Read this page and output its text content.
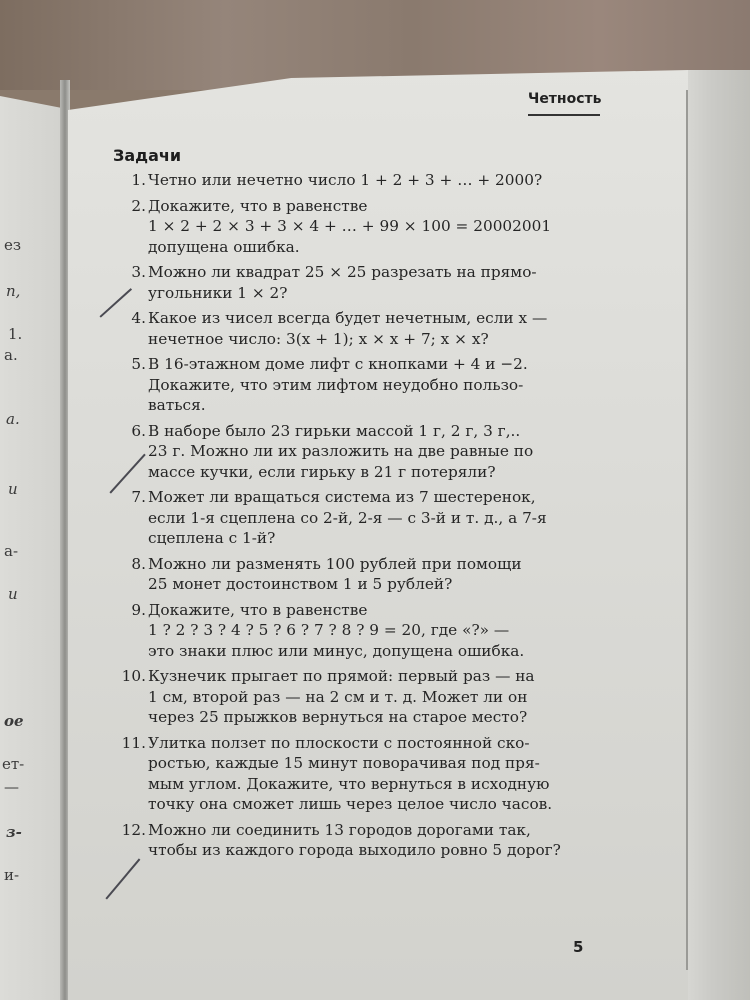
ез
n,
1.
а.
a.
и
а-
и
ое
ет-
—
з-
и-
Четность
Задачи
1. Четно или нечетно число 1 + 2 + 3 + … + 2000?
2. Докажите, что в равенстве
1 × 2 + 2 × 3 + 3 × 4 + … + 99 × 100 = 20002001
допущена ошибка.
3. Можно ли квадрат 25 × 25 разрезать на прямо-
угольники 1 × 2?
4. Какое из чисел всегда будет нечетным, если x —
нечетное число: 3(x + 1); x × x + 7; x × x?
5. В 16-этажном доме лифт с кнопками + 4 и −2.
Докажите, что этим лифтом неудобно пользо-
ваться.
6. В наборе было 23 гирьки массой 1 г, 2 г, 3 г,..
23 г. Можно ли их разложить на две равные по
массе кучки, если гирьку в 21 г потеряли?
7. Может ли вращаться система из 7 шестеренок,
если 1-я сцеплена со 2-й, 2-я — с 3-й и т. д., а 7-я
сцеплена с 1-й?
8. Можно ли разменять 100 рублей при помощи
25 монет достоинством 1 и 5 рублей?
9. Докажите, что в равенстве
1 ? 2 ? 3 ? 4 ? 5 ? 6 ? 7 ? 8 ? 9 = 20, где «?» —
это знаки плюс или минус, допущена ошибка.
10. Кузнечик прыгает по прямой: первый раз — на
1 см, второй раз — на 2 см и т. д. Может ли он
через 25 прыжков вернуться на старое место?
11. Улитка ползет по плоскости с постоянной ско-
ростью, каждые 15 минут поворачивая под пря-
мым углом. Докажите, что вернуться в исходную
точку она сможет лишь через целое число часов.
12. Можно ли соединить 13 городов дорогами так,
чтобы из каждого города выходило ровно 5 дорог?
5
